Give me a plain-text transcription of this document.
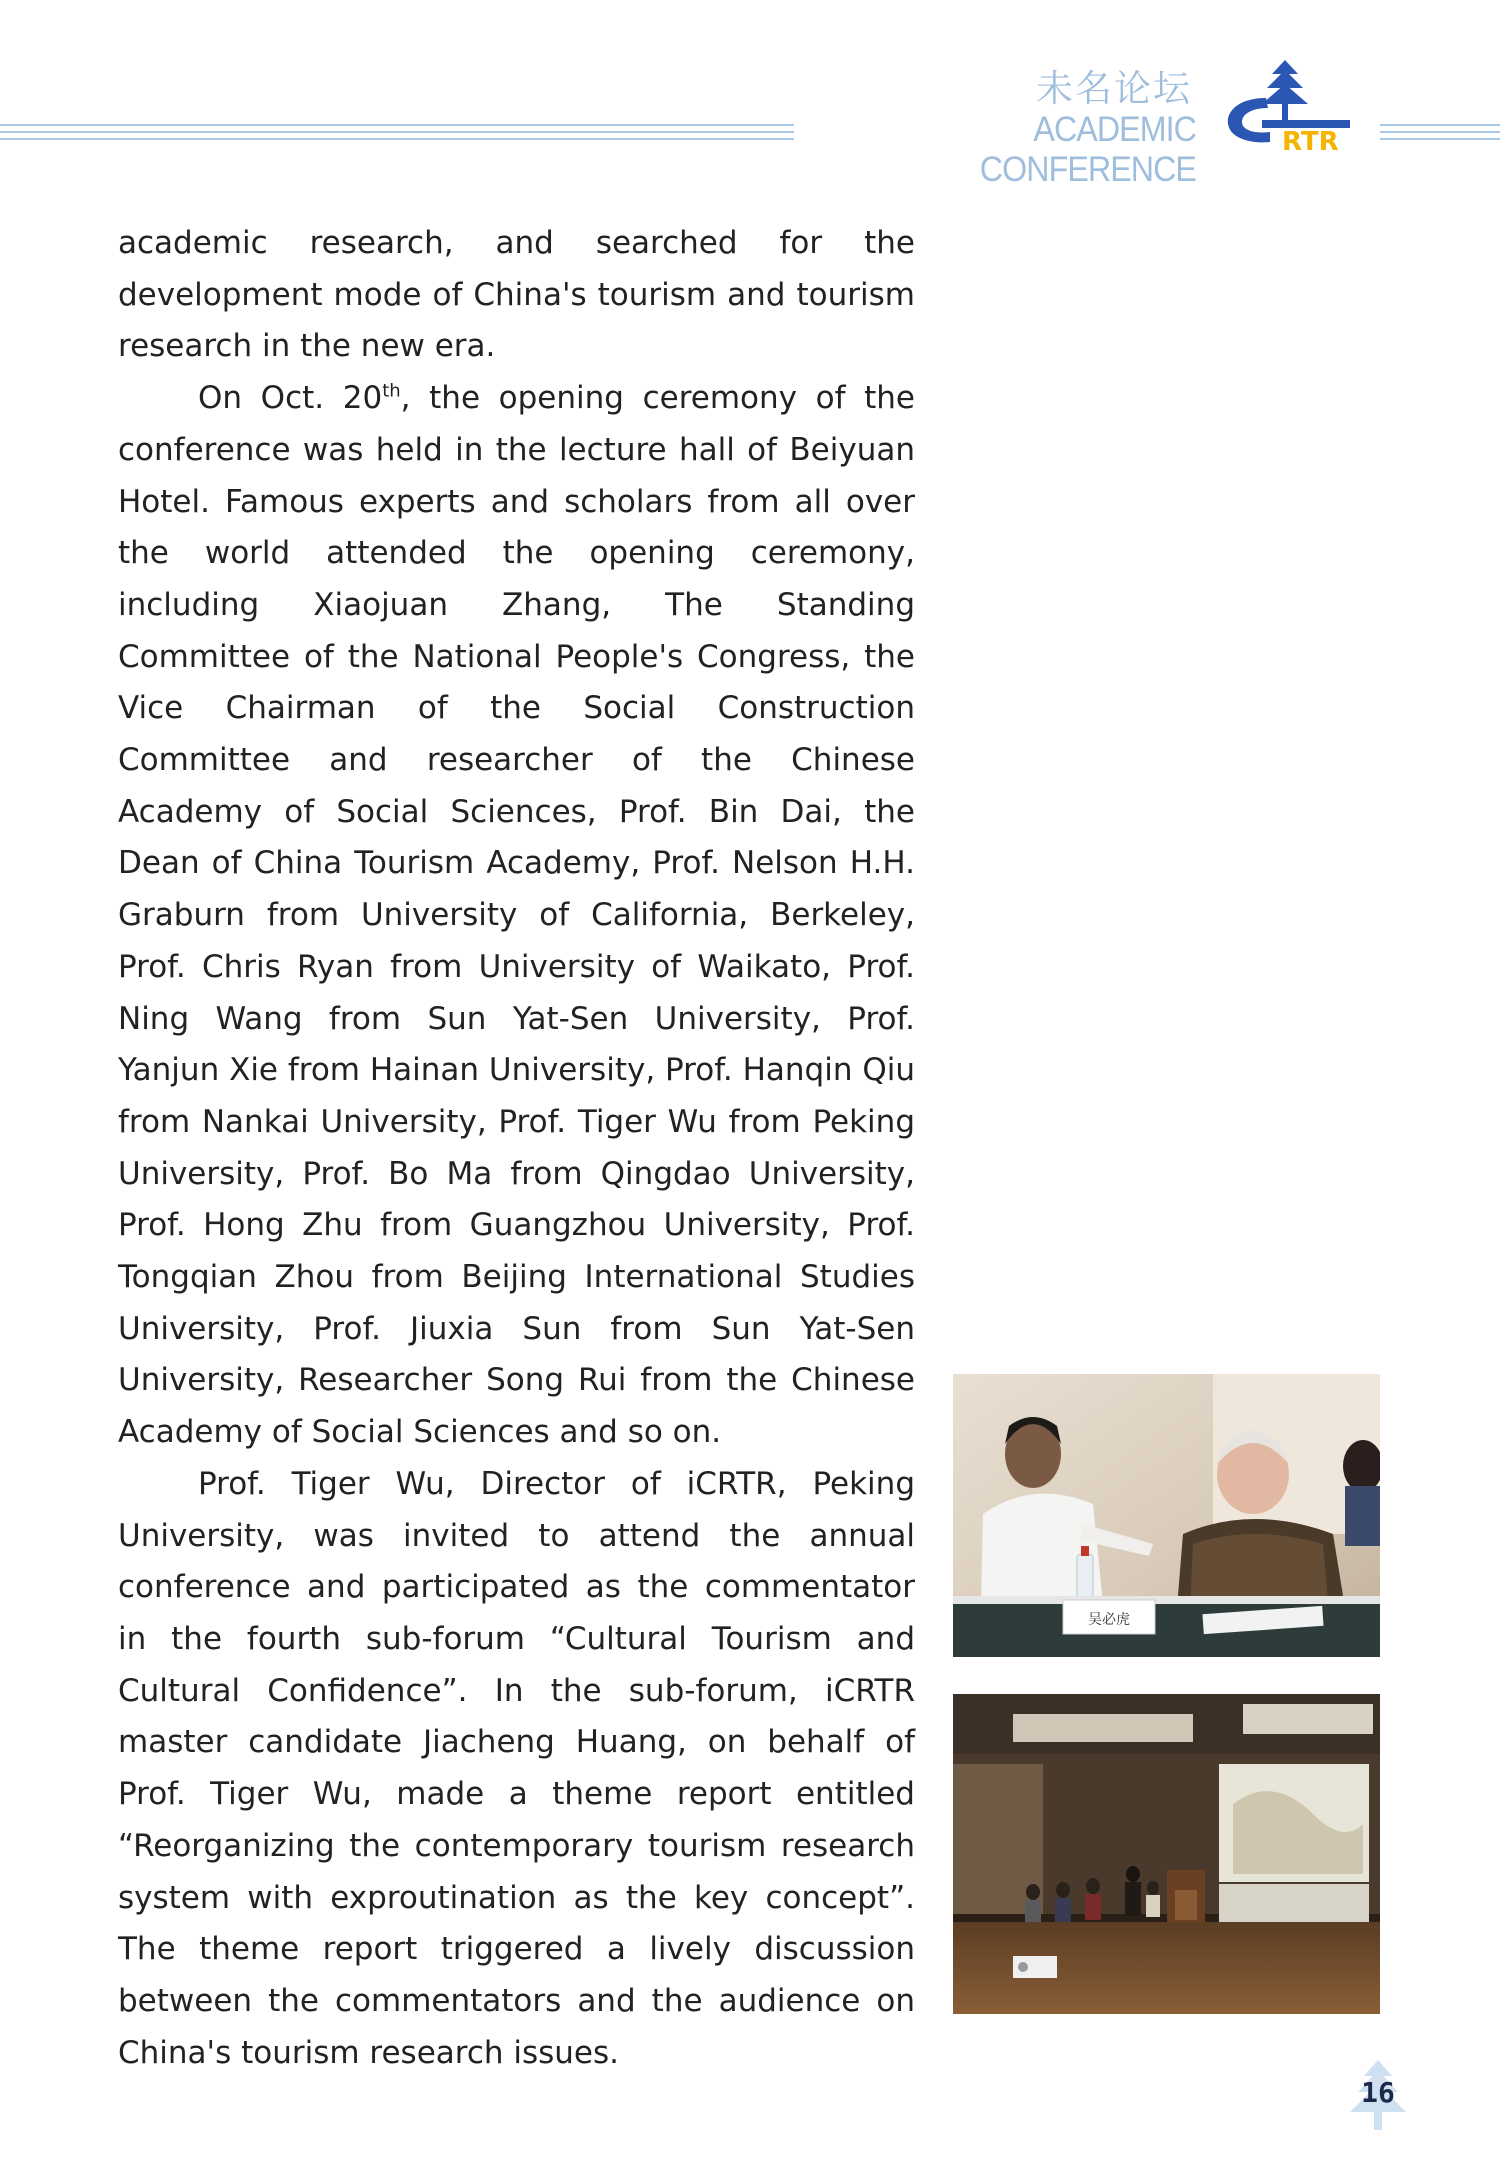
未名论坛
ACADEMIC CONFERENCE
RTR

academic research, and searched for the development mode of China's tourism and tourism research in the new era.

On Oct. 20th, the opening ceremony of the conference was held in the lecture hall of Beiyuan Hotel. Famous experts and scholars from all over the world attended the opening ceremony, including Xiaojuan Zhang, The Standing Committee of the National People's Congress, the Vice Chairman of the Social Construction Committee and researcher of the Chinese Academy of Social Sciences, Prof. Bin Dai, the Dean of China Tourism Academy, Prof. Nelson H.H. Graburn from University of California, Berkeley, Prof. Chris Ryan from University of Waikato, Prof. Ning Wang from Sun Yat-Sen University, Prof. Yanjun Xie from Hainan University, Prof. Hanqin Qiu from Nankai University, Prof. Tiger Wu from Peking University, Prof. Bo Ma from Qingdao University, Prof. Hong Zhu from Guangzhou University, Prof. Tongqian Zhou from Beijing International Studies University, Prof. Jiuxia Sun from Sun Yat-Sen University, Researcher Song Rui from the Chinese Academy of Social Sciences and so on.

Prof. Tiger Wu, Director of iCRTR, Peking University, was invited to attend the annual conference and participated as the commentator in the fourth sub-forum “Cultural Tourism and Cultural Confidence”. In the sub-forum, iCRTR master candidate Jiacheng Huang, on behalf of Prof. Tiger Wu, made a theme report entitled “Reorganizing the contemporary tourism research system with exproutination as the key concept”. The theme report triggered a lively discussion between the commentators and the audience on China's tourism research issues.

吴必虎
16
